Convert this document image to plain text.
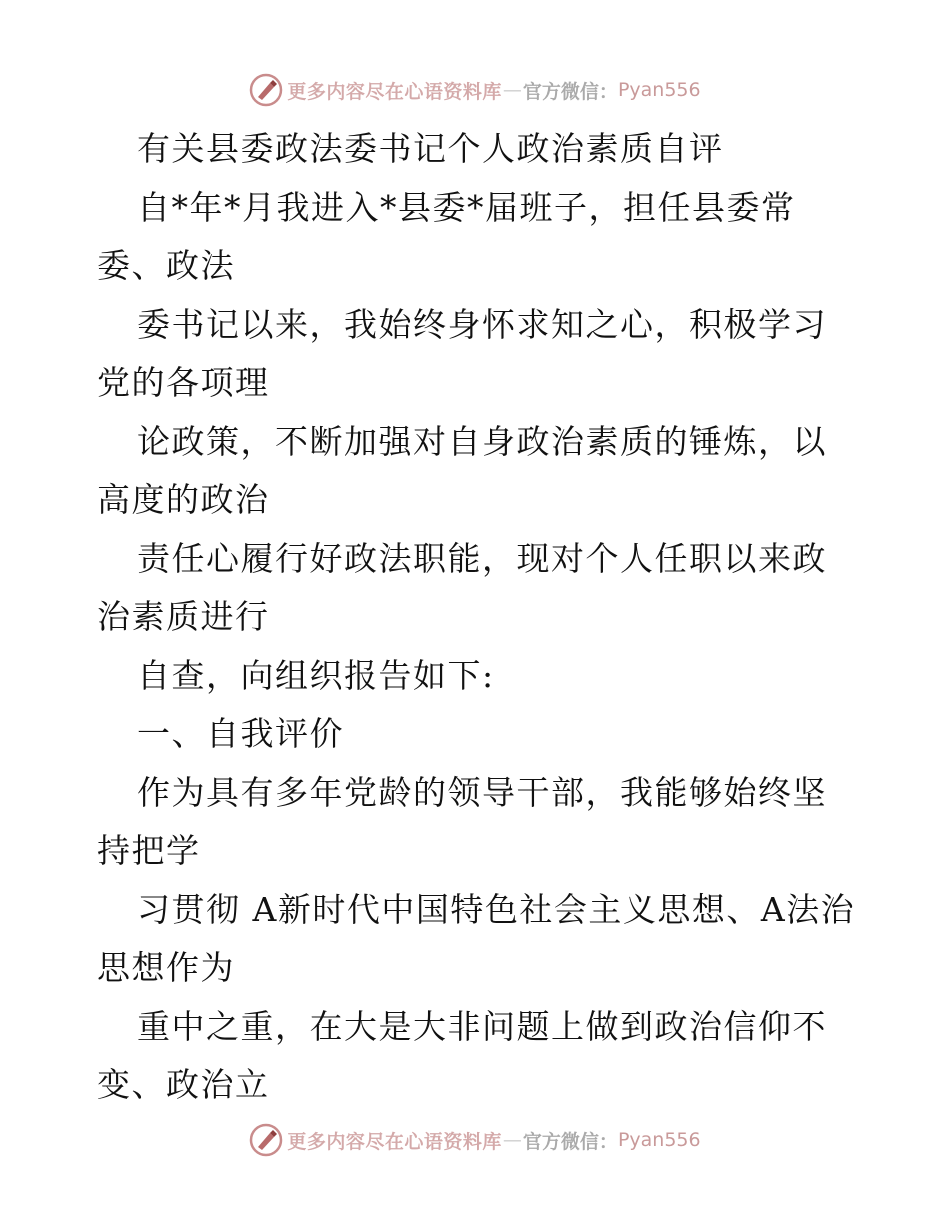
更多内容尽在心语资料库 — 官方微信： Pyan556

有关县委政法委书记个人政治素质自评

自*年*月我进入*县委*届班子，担任县委常委、政法

委书记以来，我始终身怀求知之心，积极学习党的各项理

论政策，不断加强对自身政治素质的锤炼，以高度的政治

责任心履行好政法职能，现对个人任职以来政治素质进行

自查，向组织报告如下:

一、自我评价

作为具有多年党龄的领导干部，我能够始终坚持把学

习贯彻 A新时代中国特色社会主义思想、A法治思想作为

重中之重，在大是大非问题上做到政治信仰不变、政治立

更多内容尽在心语资料库 — 官方微信： Pyan556
